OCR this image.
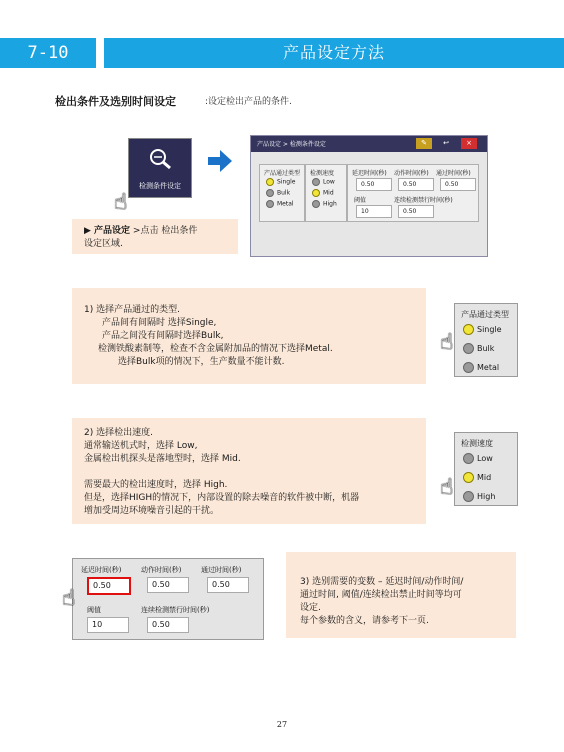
7-10	产品设定方法
检出条件及选别时间设定	:设定检出产品的条件.
检测条件设定
☝
产品设定 > 检测条件设定	✎	↩	×
产品通过类型
Single
Bulk
Metal
检测速度
Low
Mid
High
延迟时间(秒) 动作时间(秒) 通过时间(秒)
0.50	0.50	0.50
阈值	连续检测禁行时间(秒)
10	0.50
▶ 产品设定 >点击 检出条件
设定区域.
1) 选择产品通过的类型.
产品间有间隔时 选择Single,
产品之间没有间隔时选择Bulk,
检测铁酸素制等，检查不含金属附加品的情况下选择Metal.
选择Bulk项的情况下，生产数量不能计数.
产品通过类型
Single
Bulk
Metal
☝
2) 选择检出速度.
通常输送机式时，选择 Low,
金属检出机探头是落地型时，选择 Mid.
需要最大的检出速度时，选择 High.
但是，选择HIGH的情况下，内部设置的除去噪音的软件被中断，机器
增加受周边环境噪音引起的干扰。
检测速度
Low
Mid
High
☝
延迟时间(秒)	动作时间(秒)	通过时间(秒)
0.50	0.50	0.50
阈值	连续检测禁行时间(秒)
10	0.50
☝
3) 选别需要的变数 – 延迟时间/动作时间/
通过时间, 阈值/连续检出禁止时间等均可
设定.
每个参数的含义，请参考下一页.
27
